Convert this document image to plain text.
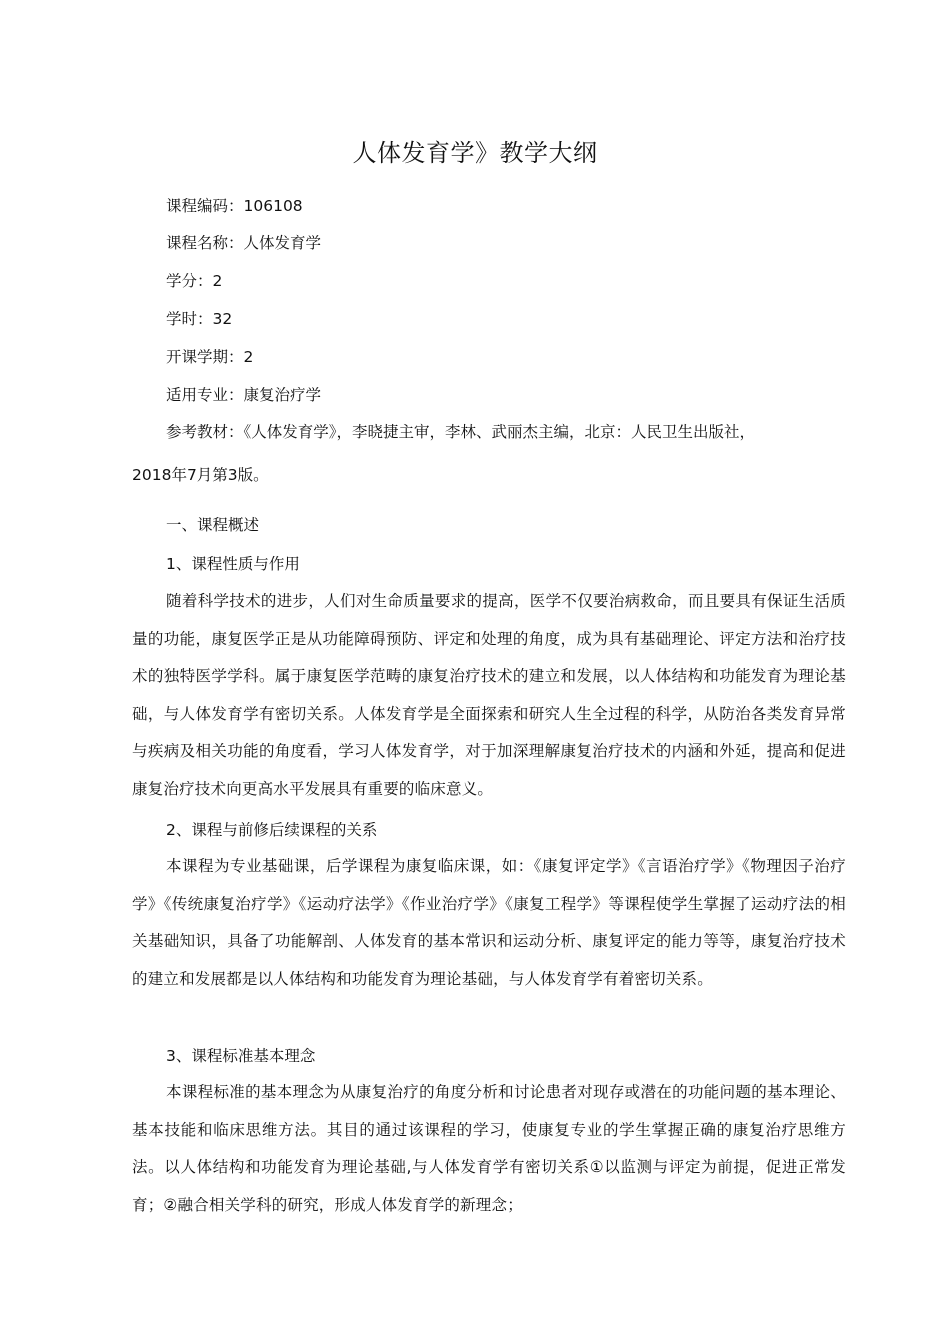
人体发育学》教学大纲
课程编码：106108
课程名称：人体发育学
学分：2
学时：32
开课学期：2
适用专业：康复治疗学
参考教材：《人体发育学》，李晓捷主审，李林、武丽杰主编，北京：人民卫生出版社，
2018年7月第3版。
一、课程概述
1、课程性质与作用
随着科学技术的进步，人们对生命质量要求的提高，医学不仅要治病救命，而且要具有保证生活质量的功能，康复医学正是从功能障碍预防、评定和处理的角度，成为具有基础理论、评定方法和治疗技术的独特医学学科。属于康复医学范畴的康复治疗技术的建立和发展，以人体结构和功能发育为理论基础，与人体发育学有密切关系。人体发育学是全面探索和研究人生全过程的科学，从防治各类发育异常与疾病及相关功能的角度看，学习人体发育学，对于加深理解康复治疗技术的内涵和外延，提高和促进康复治疗技术向更高水平发展具有重要的临床意义。
2、课程与前修后续课程的关系
本课程为专业基础课，后学课程为康复临床课，如：《康复评定学》《言语治疗学》《物理因子治疗学》《传统康复治疗学》《运动疗法学》《作业治疗学》《康复工程学》等课程使学生掌握了运动疗法的相关基础知识，具备了功能解剖、人体发育的基本常识和运动分析、康复评定的能力等等，康复治疗技术的建立和发展都是以人体结构和功能发育为理论基础，与人体发育学有着密切关系。
3、课程标准基本理念
本课程标准的基本理念为从康复治疗的角度分析和讨论患者对现存或潜在的功能问题的基本理论、基本技能和临床思维方法。其目的通过该课程的学习，使康复专业的学生掌握正确的康复治疗思维方法。以人体结构和功能发育为理论基础,与人体发育学有密切关系①以监测与评定为前提，促进正常发育；②融合相关学科的研究，形成人体发育学的新理念；
